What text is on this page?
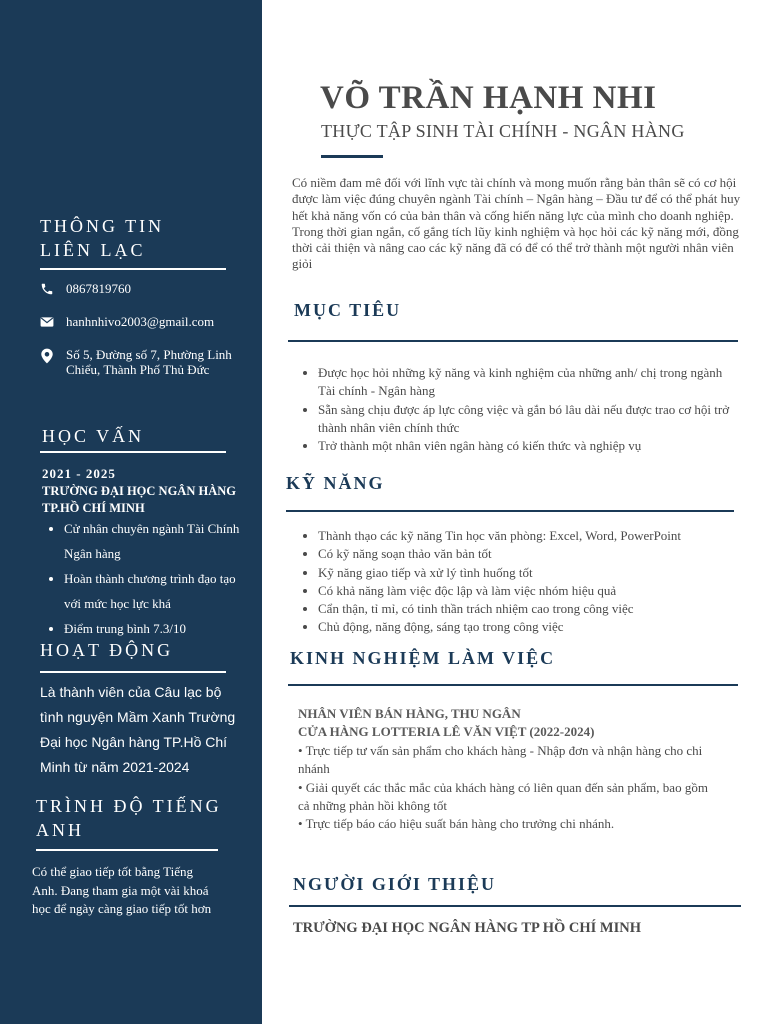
THÔNG TIN
LIÊN LẠC
0867819760
hanhnhivo2003@gmail.com
Số 5, Đường số 7, Phường Linh Chiểu, Thành Phố Thủ Đức
HỌC VẤN
2021 - 2025
TRƯỜNG ĐẠI HỌC NGÂN HÀNG TP.HỒ CHÍ MINH
• Cử nhân chuyên ngành Tài Chính Ngân hàng
• Hoàn thành chương trình đạo tạo với mức học lực khá
• Điểm trung bình 7.3/10
HOẠT ĐỘNG
Là thành viên của Câu lạc bộ tình nguyện Mầm Xanh Trường Đại học Ngân hàng TP.Hồ Chí Minh từ năm 2021-2024
TRÌNH ĐỘ TIẾNG
ANH
Có thể giao tiếp tốt bằng Tiếng Anh. Đang tham gia một vài khoá học để ngày càng giao tiếp tốt hơn
VÕ TRẦN HẠNH NHI
THỰC TẬP SINH TÀI CHÍNH - NGÂN HÀNG
Có niềm đam mê đối với lĩnh vực tài chính và mong muốn rằng bản thân sẽ có cơ hội được làm việc đúng chuyên ngành Tài chính – Ngân hàng – Đầu tư để có thể phát huy hết khả năng vốn có của bản thân và cống hiến năng lực của mình cho doanh nghiệp. Trong thời gian ngắn, cố gắng tích lũy kinh nghiệm và học hỏi các kỹ năng mới, đồng thời cải thiện và nâng cao các kỹ năng đã có để có thể trở thành một người nhân viên giỏi
MỤC TIÊU
• Được học hỏi những kỹ năng và kinh nghiệm của những anh/ chị trong ngành Tài chính - Ngân hàng
• Sẵn sàng chịu được áp lực công việc và gắn bó lâu dài nếu được trao cơ hội trở thành nhân viên chính thức
• Trở thành một nhân viên ngân hàng có kiến thức và nghiệp vụ
KỸ NĂNG
• Thành thạo các kỹ năng Tin học văn phòng: Excel, Word, PowerPoint
• Có kỹ năng soạn thảo văn bản tốt
• Kỹ năng giao tiếp và xử lý tình huống tốt
• Có khả năng làm việc độc lập và làm việc nhóm hiệu quả
• Cẩn thận, tỉ mỉ, có tinh thần trách nhiệm cao trong công việc
• Chủ động, năng động, sáng tạo trong công việc
KINH NGHIỆM LÀM VIỆC
NHÂN VIÊN BÁN HÀNG, THU NGÂN
CỬA HÀNG LOTTERIA LÊ VĂN VIỆT (2022-2024)
• Trực tiếp tư vấn sản phẩm cho khách hàng - Nhập đơn và nhận hàng cho chi nhánh
• Giải quyết các thắc mắc của khách hàng có liên quan đến sản phẩm, bao gồm cả những phản hồi không tốt
• Trực tiếp báo cáo hiệu suất bán hàng cho trưởng chi nhánh.
NGƯỜI GIỚI THIỆU
TRƯỜNG ĐẠI HỌC NGÂN HÀNG TP HỒ CHÍ MINH
